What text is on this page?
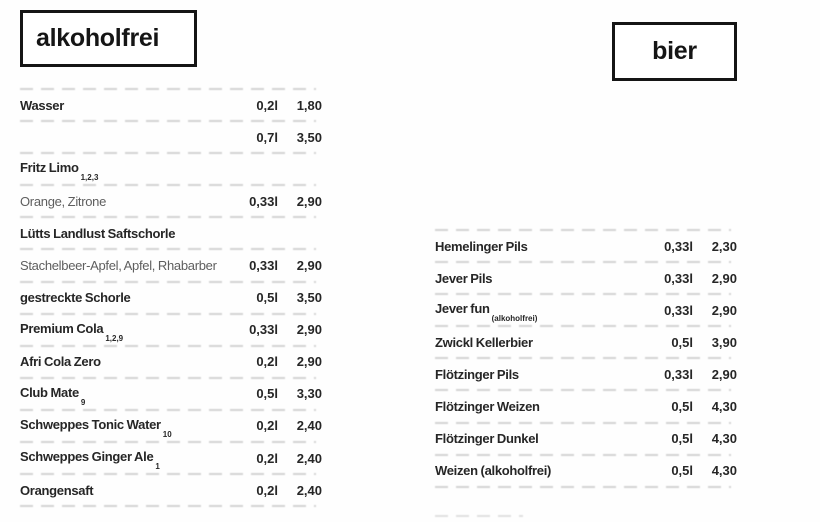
alkoholfrei	bier
Wasser	0,2l	1,80
0,7l	3,50
Fritz Limo$_{1,2,3}$
Orange, Zitrone	0,33l	2,90
Lütts Landlust Saftschorle
Stachelbeer-Apfel, Apfel, Rhabarber	0,33l	2,90
gestreckte Schorle	0,5l	3,50
Premium Cola$_{1,2,9}$
0,33l	2,90
Afri Cola Zero	0,2l	2,90
Club Mate$_9$
0,5l	3,30
Schweppes Tonic Water$_{10}$
0,2l	2,40
Schweppes Ginger Ale$_1$
0,2l	2,40
Orangensaft	0,2l	2,40
Hemelinger Pils	0,33l	2,30
Jever Pils	0,33l	2,90
Jever fun$_{(alkoholfrei)}$
0,33l	2,90
Zwickl Kellerbier	0,5l	3,90
Flötzinger Pils	0,33l	2,90
Flötzinger Weizen	0,5l	4,30
Flötzinger Dunkel	0,5l	4,30
Weizen (alkoholfrei)	0,5l	4,30
